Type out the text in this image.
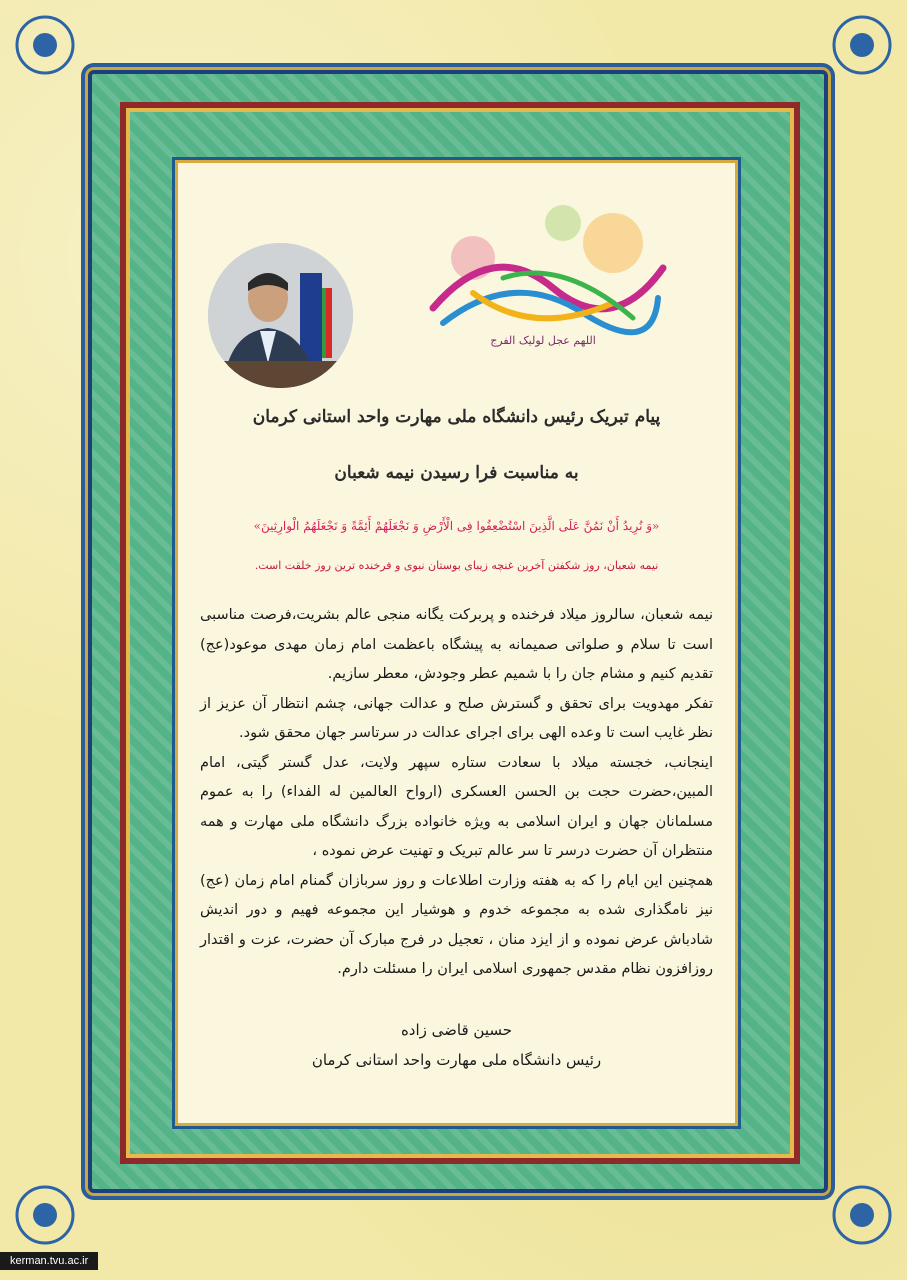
اللهم عجل لولیک الفرج
پیام تبریک رئیس دانشگاه ملی مهارت واحد استانی کرمان
به مناسبت فرا رسیدن نیمه شعبان
«وَ نُرِیدُ أَنْ نَمُنَّ عَلَى الَّذِینَ اسْتُضْعِفُوا فِی الْأَرْضِ وَ نَجْعَلَهُمْ أَئِمَّةً وَ نَجْعَلَهُمُ الْوارِثِینَ»
نیمه شعبان، روز شکفتن آخرین غنچه زیبای بوستان نبوی و فرخنده ترین روز خلقت است.

نیمه شعبان، سالروز میلاد فرخنده و پربرکت یگانه منجی عالم بشریت،فرصت مناسبی است تا سلام و صلواتی صمیمانه به پیشگاه باعظمت امام زمان مهدی موعود(عج) تقدیم کنیم و مشام جان را با شمیم عطر وجودش، معطر سازیم.

تفکر مهدویت برای تحقق و گسترش صلح و عدالت جهانی، چشم انتظار آن عزیز از نظر غایب است تا وعده الهی برای اجرای عدالت در سرتاسر جهان محقق شود.

اینجانب، خجسته میلاد با سعادت ستاره سپهر ولایت، عدل گستر گیتی، امام المبین،حضرت حجت بن الحسن العسکری (ارواح العالمین له الفداء) را به عموم مسلمانان جهان و ایران اسلامی به ویژه خانواده بزرگ دانشگاه ملی مهارت و همه منتظران آن حضرت درسر تا سر عالم تبریک و تهنیت عرض نموده ،

همچنین این ایام را که به هفته وزارت اطلاعات و روز سربازان گمنام امام زمان (عج) نیز نامگذاری شده به مجموعه خدوم و هوشیار این مجموعه فهیم و دور اندیش شادباش عرض نموده و از ایزد منان ، تعجیل در فرج مبارک آن حضرت، عزت و اقتدار روزافزون نظام مقدس جمهوری اسلامی ایران را مسئلت دارم.

حسین قاضی زاده
رئیس دانشگاه ملی مهارت واحد استانی کرمان
kerman.tvu.ac.ir
